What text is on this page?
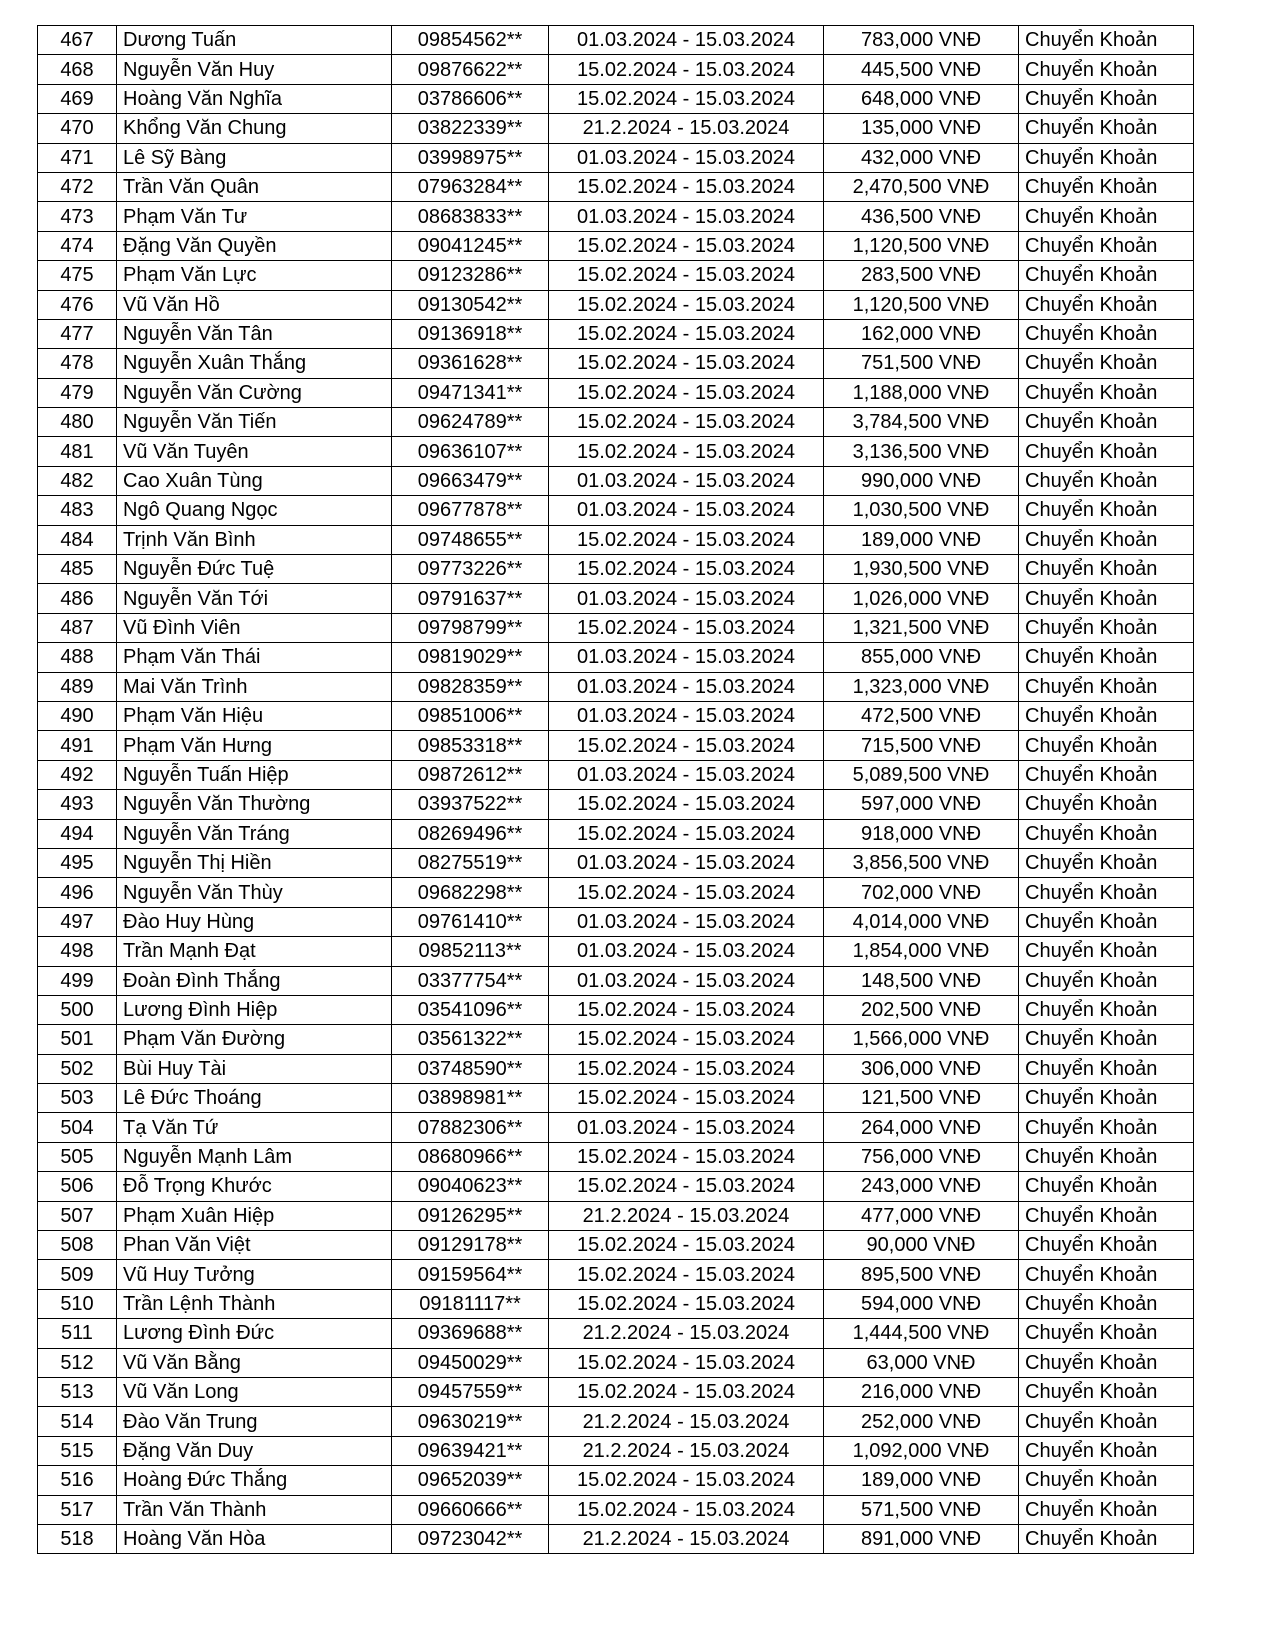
467	Dương Tuấn	09854562**	01.03.2024 - 15.03.2024	783,000 VNĐ	Chuyển Khoản
468	Nguyễn Văn Huy	09876622**	15.02.2024 - 15.03.2024	445,500 VNĐ	Chuyển Khoản
469	Hoàng Văn Nghĩa	03786606**	15.02.2024 - 15.03.2024	648,000 VNĐ	Chuyển Khoản
470	Khổng Văn Chung	03822339**	21.2.2024 - 15.03.2024	135,000 VNĐ	Chuyển Khoản
471	Lê Sỹ Bàng	03998975**	01.03.2024 - 15.03.2024	432,000 VNĐ	Chuyển Khoản
472	Trần Văn Quân	07963284**	15.02.2024 - 15.03.2024	2,470,500 VNĐ	Chuyển Khoản
473	Phạm Văn Tư	08683833**	01.03.2024 - 15.03.2024	436,500 VNĐ	Chuyển Khoản
474	Đặng Văn Quyền	09041245**	15.02.2024 - 15.03.2024	1,120,500 VNĐ	Chuyển Khoản
475	Phạm Văn Lực	09123286**	15.02.2024 - 15.03.2024	283,500 VNĐ	Chuyển Khoản
476	Vũ Văn Hồ	09130542**	15.02.2024 - 15.03.2024	1,120,500 VNĐ	Chuyển Khoản
477	Nguyễn Văn Tân	09136918**	15.02.2024 - 15.03.2024	162,000 VNĐ	Chuyển Khoản
478	Nguyễn Xuân Thắng	09361628**	15.02.2024 - 15.03.2024	751,500 VNĐ	Chuyển Khoản
479	Nguyễn Văn Cường	09471341**	15.02.2024 - 15.03.2024	1,188,000 VNĐ	Chuyển Khoản
480	Nguyễn Văn Tiến	09624789**	15.02.2024 - 15.03.2024	3,784,500 VNĐ	Chuyển Khoản
481	Vũ Văn Tuyên	09636107**	15.02.2024 - 15.03.2024	3,136,500 VNĐ	Chuyển Khoản
482	Cao Xuân Tùng	09663479**	01.03.2024 - 15.03.2024	990,000 VNĐ	Chuyển Khoản
483	Ngô Quang Ngọc	09677878**	01.03.2024 - 15.03.2024	1,030,500 VNĐ	Chuyển Khoản
484	Trịnh Văn Bình	09748655**	15.02.2024 - 15.03.2024	189,000 VNĐ	Chuyển Khoản
485	Nguyễn Đức Tuệ	09773226**	15.02.2024 - 15.03.2024	1,930,500 VNĐ	Chuyển Khoản
486	Nguyễn Văn Tới	09791637**	01.03.2024 - 15.03.2024	1,026,000 VNĐ	Chuyển Khoản
487	Vũ Đình Viên	09798799**	15.02.2024 - 15.03.2024	1,321,500 VNĐ	Chuyển Khoản
488	Phạm Văn Thái	09819029**	01.03.2024 - 15.03.2024	855,000 VNĐ	Chuyển Khoản
489	Mai Văn Trình	09828359**	01.03.2024 - 15.03.2024	1,323,000 VNĐ	Chuyển Khoản
490	Phạm Văn Hiệu	09851006**	01.03.2024 - 15.03.2024	472,500 VNĐ	Chuyển Khoản
491	Phạm Văn Hưng	09853318**	15.02.2024 - 15.03.2024	715,500 VNĐ	Chuyển Khoản
492	Nguyễn Tuấn Hiệp	09872612**	01.03.2024 - 15.03.2024	5,089,500 VNĐ	Chuyển Khoản
493	Nguyễn Văn Thường	03937522**	15.02.2024 - 15.03.2024	597,000 VNĐ	Chuyển Khoản
494	Nguyễn Văn Tráng	08269496**	15.02.2024 - 15.03.2024	918,000 VNĐ	Chuyển Khoản
495	Nguyễn Thị Hiền	08275519**	01.03.2024 - 15.03.2024	3,856,500 VNĐ	Chuyển Khoản
496	Nguyễn Văn Thùy	09682298**	15.02.2024 - 15.03.2024	702,000 VNĐ	Chuyển Khoản
497	Đào Huy Hùng	09761410**	01.03.2024 - 15.03.2024	4,014,000 VNĐ	Chuyển Khoản
498	Trần Mạnh Đạt	09852113**	01.03.2024 - 15.03.2024	1,854,000 VNĐ	Chuyển Khoản
499	Đoàn Đình Thắng	03377754**	01.03.2024 - 15.03.2024	148,500 VNĐ	Chuyển Khoản
500	Lương Đình Hiệp	03541096**	15.02.2024 - 15.03.2024	202,500 VNĐ	Chuyển Khoản
501	Phạm Văn Đường	03561322**	15.02.2024 - 15.03.2024	1,566,000 VNĐ	Chuyển Khoản
502	Bùi Huy Tài	03748590**	15.02.2024 - 15.03.2024	306,000 VNĐ	Chuyển Khoản
503	Lê Đức Thoáng	03898981**	15.02.2024 - 15.03.2024	121,500 VNĐ	Chuyển Khoản
504	Tạ Văn Tứ	07882306**	01.03.2024 - 15.03.2024	264,000 VNĐ	Chuyển Khoản
505	Nguyễn Mạnh Lâm	08680966**	15.02.2024 - 15.03.2024	756,000 VNĐ	Chuyển Khoản
506	Đỗ Trọng Khước	09040623**	15.02.2024 - 15.03.2024	243,000 VNĐ	Chuyển Khoản
507	Phạm Xuân Hiệp	09126295**	21.2.2024 - 15.03.2024	477,000 VNĐ	Chuyển Khoản
508	Phan Văn Việt	09129178**	15.02.2024 - 15.03.2024	90,000 VNĐ	Chuyển Khoản
509	Vũ Huy Tưởng	09159564**	15.02.2024 - 15.03.2024	895,500 VNĐ	Chuyển Khoản
510	Trần Lệnh Thành	09181117**	15.02.2024 - 15.03.2024	594,000 VNĐ	Chuyển Khoản
511	Lương Đình Đức	09369688**	21.2.2024 - 15.03.2024	1,444,500 VNĐ	Chuyển Khoản
512	Vũ Văn Bằng	09450029**	15.02.2024 - 15.03.2024	63,000 VNĐ	Chuyển Khoản
513	Vũ Văn Long	09457559**	15.02.2024 - 15.03.2024	216,000 VNĐ	Chuyển Khoản
514	Đào Văn Trung	09630219**	21.2.2024 - 15.03.2024	252,000 VNĐ	Chuyển Khoản
515	Đặng Văn Duy	09639421**	21.2.2024 - 15.03.2024	1,092,000 VNĐ	Chuyển Khoản
516	Hoàng Đức Thắng	09652039**	15.02.2024 - 15.03.2024	189,000 VNĐ	Chuyển Khoản
517	Trần Văn Thành	09660666**	15.02.2024 - 15.03.2024	571,500 VNĐ	Chuyển Khoản
518	Hoàng Văn Hòa	09723042**	21.2.2024 - 15.03.2024	891,000 VNĐ	Chuyển Khoản
